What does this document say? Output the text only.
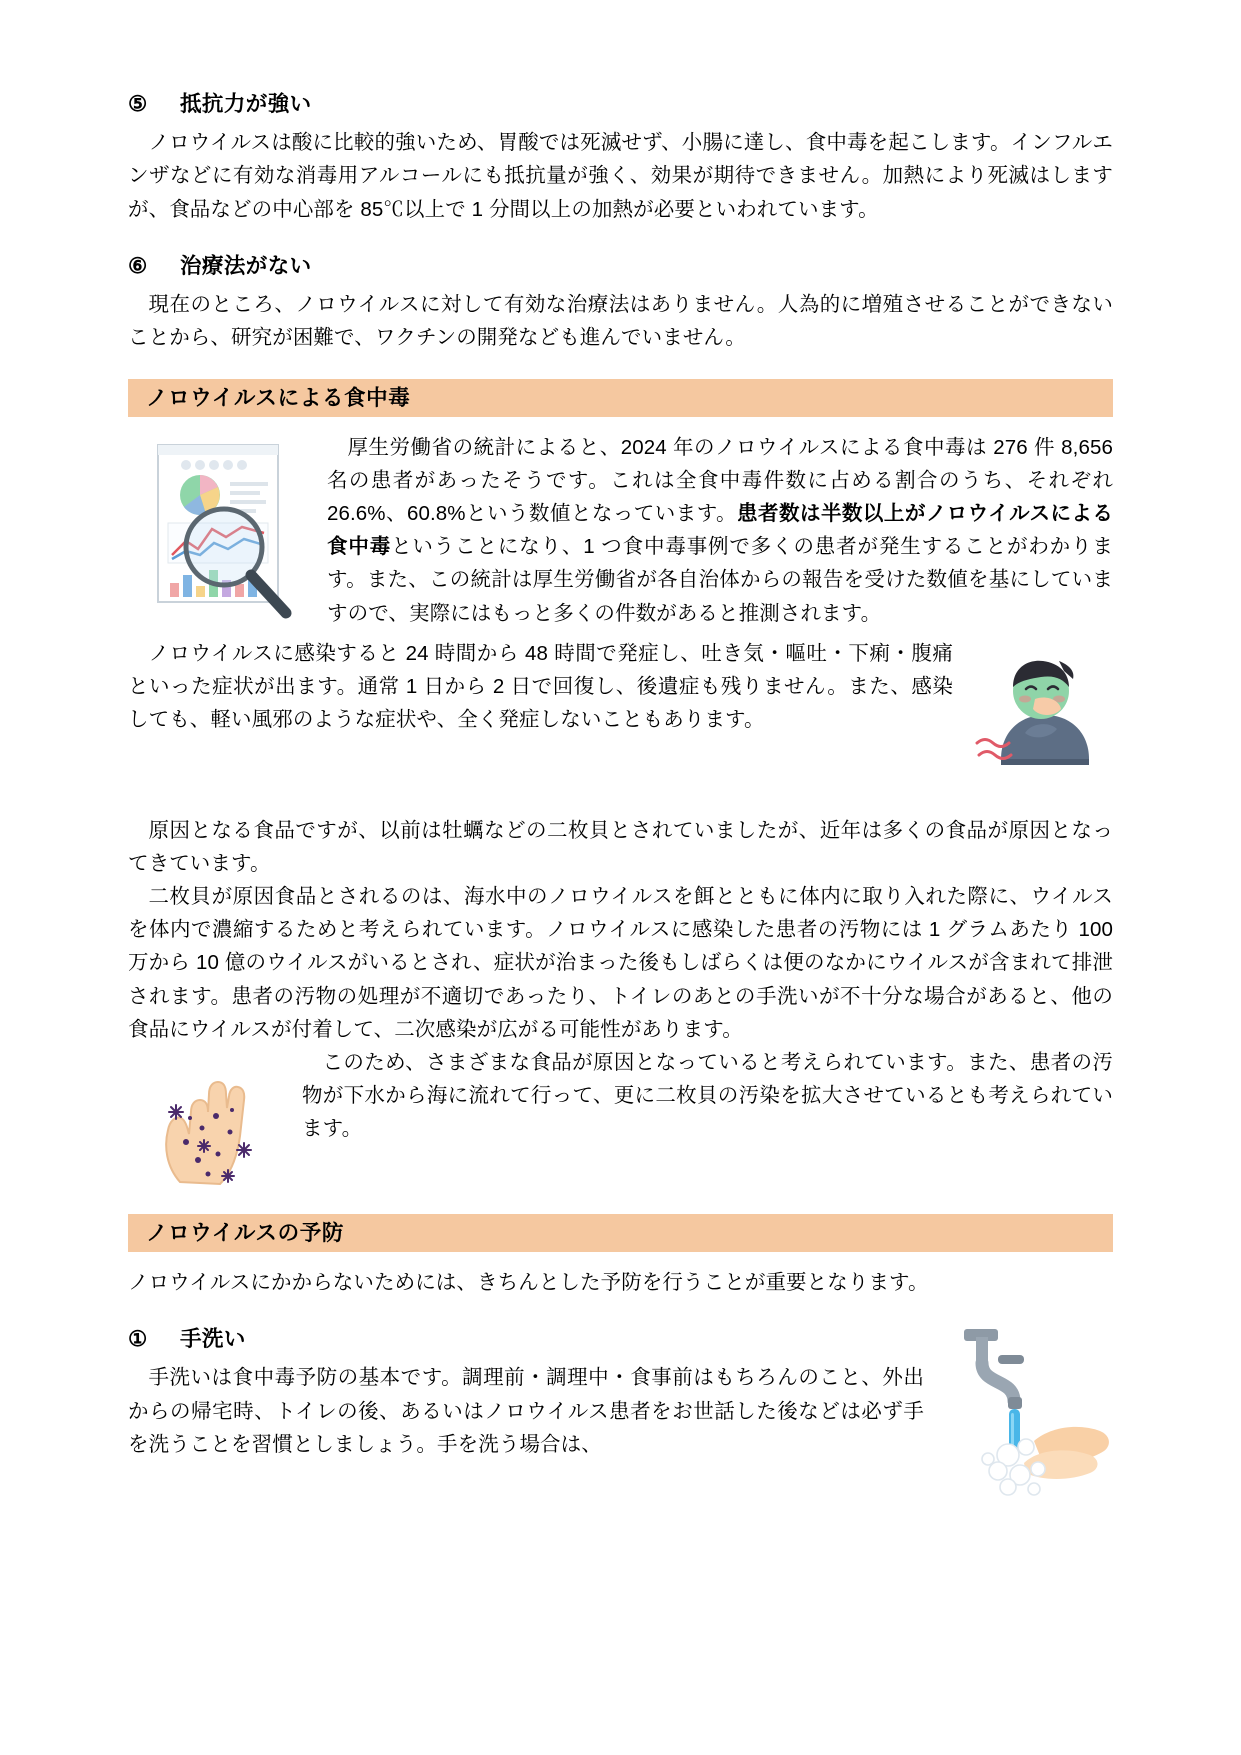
⑤ 抵抗力が強い

ノロウイルスは酸に比較的強いため、胃酸では死滅せず、小腸に達し、食中毒を起こします。インフルエンザなどに有効な消毒用アルコールにも抵抗量が強く、効果が期待できません。加熱により死滅はしますが、食品などの中心部を 85℃以上で 1 分間以上の加熱が必要といわれています。

⑥ 治療法がない

現在のところ、ノロウイルスに対して有効な治療法はありません。人為的に増殖させることができないことから、研究が困難で、ワクチンの開発なども進んでいません。

ノロウイルスによる食中毒

厚生労働省の統計によると、2024 年のノロウイルスによる食中毒は 276 件 8,656 名の患者があったそうです。これは全食中毒件数に占める割合のうち、それぞれ 26.6%、60.8%という数値となっています。患者数は半数以上がノロウイルスによる食中毒ということになり、1 つ食中毒事例で多くの患者が発生することがわかります。また、この統計は厚生労働省が各自治体からの報告を受けた数値を基にしていますので、実際にはもっと多くの件数があると推測されます。

ノロウイルスに感染すると 24 時間から 48 時間で発症し、吐き気・嘔吐・下痢・腹痛といった症状が出ます。通常 1 日から 2 日で回復し、後遺症も残りません。また、感染しても、軽い風邪のような症状や、全く発症しないこともあります。

原因となる食品ですが、以前は牡蠣などの二枚貝とされていましたが、近年は多くの食品が原因となってきています。

二枚貝が原因食品とされるのは、海水中のノロウイルスを餌とともに体内に取り入れた際に、ウイルスを体内で濃縮するためと考えられています。ノロウイルスに感染した患者の汚物には 1 グラムあたり 100 万から 10 億のウイルスがいるとされ、症状が治まった後もしばらくは便のなかにウイルスが含まれて排泄されます。患者の汚物の処理が不適切であったり、トイレのあとの手洗いが不十分な場合があると、他の食品にウイルスが付着して、二次感染が広がる可能性があります。

このため、さまざまな食品が原因となっていると考えられています。また、患者の汚物が下水から海に流れて行って、更に二枚貝の汚染を拡大させているとも考えられています。

ノロウイルスの予防

ノロウイルスにかからないためには、きちんとした予防を行うことが重要となります。

① 手洗い

手洗いは食中毒予防の基本です。調理前・調理中・食事前はもちろんのこと、外出からの帰宅時、トイレの後、あるいはノロウイルス患者をお世話した後などは必ず手を洗うことを習慣としましょう。手を洗う場合は、
